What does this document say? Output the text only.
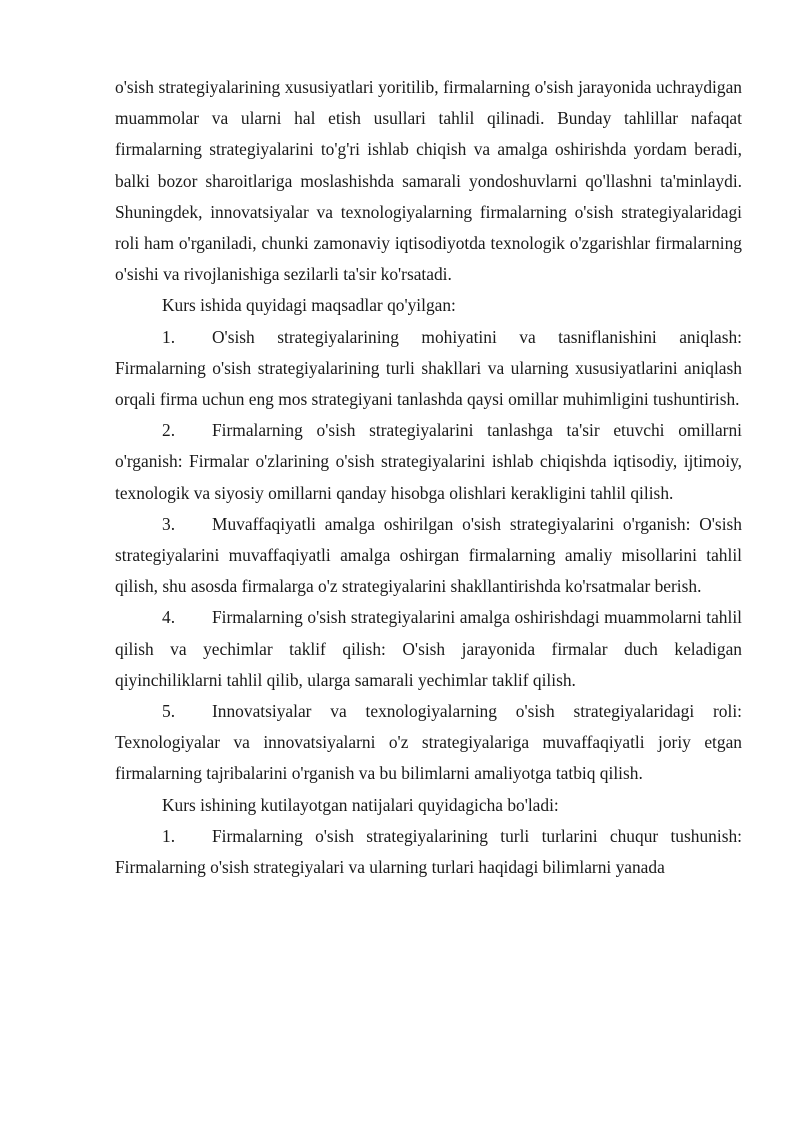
o'sish strategiyalarining xususiyatlari yoritilib, firmalarning o'sish jarayonida uchraydigan muammolar va ularni hal etish usullari tahlil qilinadi. Bunday tahlillar nafaqat firmalarning strategiyalarini to'g'ri ishlab chiqish va amalga oshirishda yordam beradi, balki bozor sharoitlariga moslashishda samarali yondoshuvlarni qo'llashni ta'minlaydi. Shuningdek, innovatsiyalar va texnologiyalarning firmalarning o'sish strategiyalaridagi roli ham o'rganiladi, chunki zamonaviy iqtisodiyotda texnologik o'zgarishlar firmalarning o'sishi va rivojlanishiga sezilarli ta'sir ko'rsatadi.

Kurs ishida quyidagi maqsadlar qo'yilgan:

1. O'sish strategiyalarining mohiyatini va tasniflanishini aniqlash: Firmalarning o'sish strategiyalarining turli shakllari va ularning xususiyatlarini aniqlash orqali firma uchun eng mos strategiyani tanlashda qaysi omillar muhimligini tushuntirish.

2. Firmalarning o'sish strategiyalarini tanlashga ta'sir etuvchi omillarni o'rganish: Firmalar o'zlarining o'sish strategiyalarini ishlab chiqishda iqtisodiy, ijtimoiy, texnologik va siyosiy omillarni qanday hisobga olishlari kerakligini tahlil qilish.

3. Muvaffaqiyatli amalga oshirilgan o'sish strategiyalarini o'rganish: O'sish strategiyalarini muvaffaqiyatli amalga oshirgan firmalarning amaliy misollarini tahlil qilish, shu asosda firmalarga o'z strategiyalarini shakllantirishda ko'rsatmalar berish.

4. Firmalarning o'sish strategiyalarini amalga oshirishdagi muammolarni tahlil qilish va yechimlar taklif qilish: O'sish jarayonida firmalar duch keladigan qiyinchiliklarni tahlil qilib, ularga samarali yechimlar taklif qilish.

5. Innovatsiyalar va texnologiyalarning o'sish strategiyalaridagi roli: Texnologiyalar va innovatsiyalarni o'z strategiyalariga muvaffaqiyatli joriy etgan firmalarning tajribalarini o'rganish va bu bilimlarni amaliyotga tatbiq qilish.

Kurs ishining kutilayotgan natijalari quyidagicha bo'ladi:

1. Firmalarning o'sish strategiyalarining turli turlarini chuqur tushunish: Firmalarning o'sish strategiyalari va ularning turlari haqidagi bilimlarni yanada
